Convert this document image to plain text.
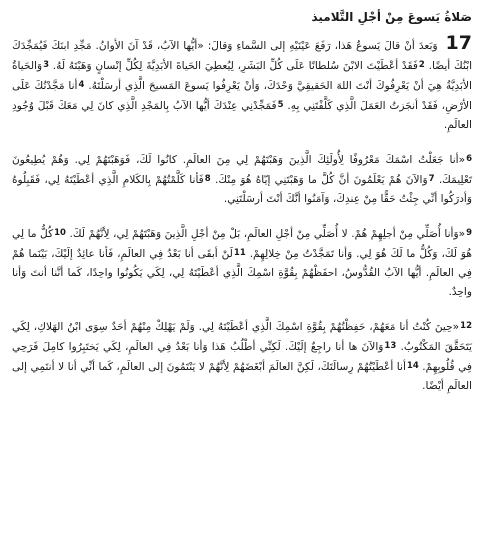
صَلاةُ يَسوعَ مِنْ أجْلِ التَّلاميذ

17 وَبَعدَ أنْ قالَ يَسوعُ هَذا، رَفَعَ عَيْنَيْهِ إلى السَّماءِ وَقالَ: «أيُّها الآبُ، قَدْ آنَ الأوانُ. مَجِّدِ ابنَكَ فَيُمَجِّدَكَ ابْنُكَ أيضًا. $^2$فَقَدْ أعْطَيْتَ الابْنَ سُلطانًا عَلَى كُلِّ البَشَرِ، لِيُعطِيَ الحَياةَ الأبَدِيَّةَ لِكُلِّ إنْسانٍ وَهَبْتَهُ لَهُ. $^3$وَالحَياةُ الأبَدِيَّةُ هِيَ أنْ يَعْرِفُوكَ أنْتَ اللهَ الحَقيقِيَّ وَحْدَكَ، وَأنْ يَعْرِفُوا يَسوعَ المَسيحَ الَّذِي أرسَلْتَهُ. $^4$أنا مَجَّدْتُكَ عَلَى الأرْضِ، فَقَدْ أنجَزتُ العَمَلَ الَّذِي كَلَّفْتَنِي بِهِ. $^5$فَمَجِّدْنِي عِنْدَكَ أيُّها الآبُ بِالمَجْدِ الَّذِي كانَ لِي مَعَكَ قَبْلَ وُجُودِ العالَمِ.

$^6$«أنا جَعَلْتُ اسْمَكَ مَعْرُوفًا لِأُولَئِكَ الَّذِينَ وَهَبْتَهُمْ لِي مِنَ العالَمِ. كانُوا لَكَ، فَوَهَبْتَهُمْ لِي. وَهُمْ يُطِيعُونَ تَعْلِيمَكَ. $^7$وَالآنَ هُمْ يَعْلَمُونَ أنَّ كُلَّ ما وَهَبْتَنِي إيّاهُ هُوَ مِنْكَ. $^8$فَأنا كَلَّمْتُهُمْ بِالكَلامِ الَّذِي أعْطَيْتَهُ لِي، فَقَبِلُوهُ وَأدرَكُوا أنِّي جِئْتُ حَقًّا مِنْ عِندِكَ، وَآمَنُوا أنَّكَ أنْتَ أرسَلْتَنِي.

$^9$«وَأنا أُصَلِّي مِنْ أجلِهِمْ هُمْ. لا أُصَلِّي مِنْ أجْلِ العالَمِ، بَلْ مِنْ أجْلِ الَّذِينَ وَهَبْتَهُمْ لِي، لِأنَّهُمْ لَكَ. $^{10}$كُلُّ ما لِي هُوَ لَكَ، وَكُلُّ ما لَكَ هُوَ لِي. وَأنا تَمَجَّدْتُ مِنْ خِلالِهِمْ. $^{11}$لَنْ أبقَى أنا بَعْدُ فِي العالَمِ، فَأنا عائِدٌ إلَيْكَ، بَيْنَما هُمْ فِي العالَمِ. أيُّها الآبُ القُدُّوسُ، احفَظْهُمْ بِقُوَّةِ اسْمِكَ الَّذِي أعْطَيْتَهُ لِي، لِكَي يَكُونُوا واحِدًا، كَما أنَّنا أنتَ وَأنا واحِدٌ.

$^{12}$«حِينَ كُنْتُ أنا مَعَهُمْ، حَفِظْتُهُمْ بِقُوَّةِ اسْمِكَ الَّذِي أعْطَيْتَهُ لِي. وَلَمْ يَهْلِكْ مِنْهُمْ أحَدٌ سِوَى ابْنُ الهَلاكِ، لِكَي يَتَحَقَّقَ المَكْتُوبُ. $^{13}$وَالآنَ ها أنا راجِعٌ إلَيْكَ. لَكِنِّي أطْلُبُ هَذا وَأنا بَعْدُ فِي العالَمِ، لِكَي يَختَبِرُوا كامِلَ فَرَحِي فِي قُلُوبِهِمْ. $^{14}$أنا أعْطَيْتُهُمْ رِسالَتَكَ، لَكِنَّ العالَمَ أبْغَضَهُمْ لِأنَّهُمْ لا يَنْتَمُونَ إلى العالَمِ، كَما أنِّي أنا لا أنتَمِي إلى العالَمِ أيْضًا.
